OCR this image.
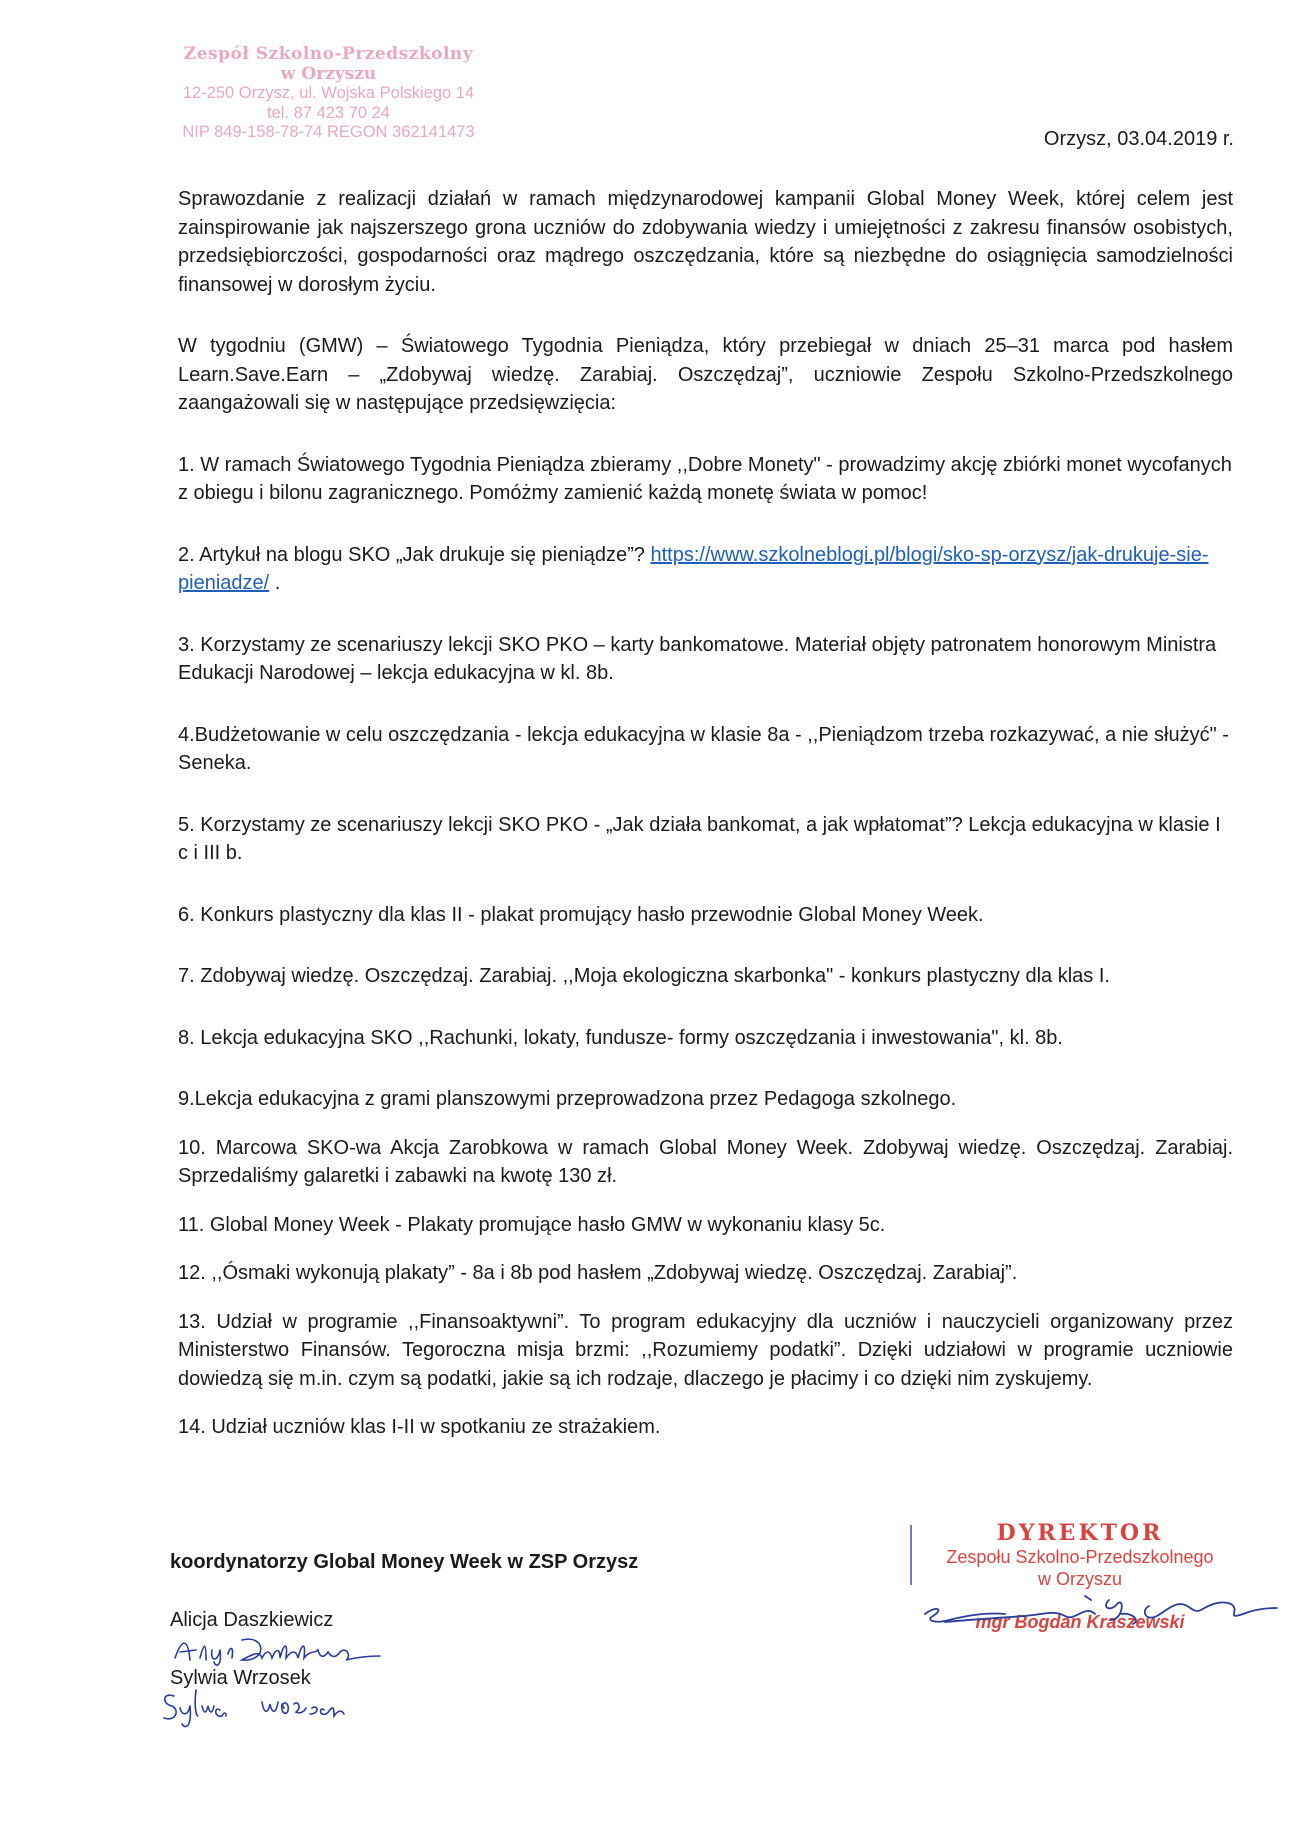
Zespół Szkolno-Przedszkolny
w Orzyszu
12-250 Orzysz, ul. Wojska Polskiego 14
tel. 87 423 70 24
NIP 849-158-78-74 REGON 362141473	Orzysz, 03.04.2019 r.

Sprawozdanie z realizacji działań w ramach międzynarodowej kampanii Global Money Week, której celem jest zainspirowanie jak najszerszego grona uczniów do zdobywania wiedzy i umiejętności z zakresu finansów osobistych, przedsiębiorczości, gospodarności oraz mądrego oszczędzania, które są niezbędne do osiągnięcia samodzielności finansowej w dorosłym życiu.

W tygodniu (GMW) – Światowego Tygodnia Pieniądza, który przebiegał w dniach 25–31 marca pod hasłem Learn.Save.Earn – „Zdobywaj wiedzę. Zarabiaj. Oszczędzaj”, uczniowie Zespołu Szkolno-Przedszkolnego zaangażowali się w następujące przedsięwzięcia:

1. W ramach Światowego Tygodnia Pieniądza zbieramy ,,Dobre Monety" - prowadzimy akcję zbiórki monet wycofanych z obiegu i bilonu zagranicznego. Pomóżmy zamienić każdą monetę świata w pomoc!

2. Artykuł na blogu SKO „Jak drukuje się pieniądze”? https://www.szkolneblogi.pl/blogi/sko-sp-orzysz/jak-drukuje-sie-pieniadze/ .

3. Korzystamy ze scenariuszy lekcji SKO PKO – karty bankomatowe. Materiał objęty patronatem honorowym Ministra Edukacji Narodowej – lekcja edukacyjna w kl. 8b.

4.Budżetowanie w celu oszczędzania - lekcja edukacyjna w klasie 8a - ,,Pieniądzom trzeba rozkazywać, a nie służyć" - Seneka.

5. Korzystamy ze scenariuszy lekcji SKO PKO - „Jak działa bankomat, a jak wpłatomat”? Lekcja edukacyjna w klasie I c i III b.

6. Konkurs plastyczny dla klas II - plakat promujący hasło przewodnie Global Money Week.

7. Zdobywaj wiedzę. Oszczędzaj. Zarabiaj. ,,Moja ekologiczna skarbonka" - konkurs plastyczny dla klas I.

8. Lekcja edukacyjna SKO ,,Rachunki, lokaty, fundusze- formy oszczędzania i inwestowania", kl. 8b.

9.Lekcja edukacyjna z grami planszowymi przeprowadzona przez Pedagoga szkolnego.

10. Marcowa SKO-wa Akcja Zarobkowa w ramach Global Money Week. Zdobywaj wiedzę. Oszczędzaj. Zarabiaj. Sprzedaliśmy galaretki i zabawki na kwotę 130 zł.

11. Global Money Week - Plakaty promujące hasło GMW w wykonaniu klasy 5c.

12. ,,Ósmaki wykonują plakaty” - 8a i 8b pod hasłem „Zdobywaj wiedzę. Oszczędzaj. Zarabiaj”.

13. Udział w programie ,,Finansoaktywni”. To program edukacyjny dla uczniów i nauczycieli organizowany przez Ministerstwo Finansów. Tegoroczna misja brzmi: ,,Rozumiemy podatki”. Dzięki udziałowi w programie uczniowie dowiedzą się m.in. czym są podatki, jakie są ich rodzaje, dlaczego je płacimy i co dzięki nim zyskujemy.

14. Udział uczniów klas I-II w spotkaniu ze strażakiem.

koordynatorzy Global Money Week w ZSP Orzysz
Alicja Daszkiewicz
Sylwia Wrzosek
DYREKTOR
Zespołu Szkolno-Przedszkolnego
w Orzyszu
mgr Bogdan Kraszewski
